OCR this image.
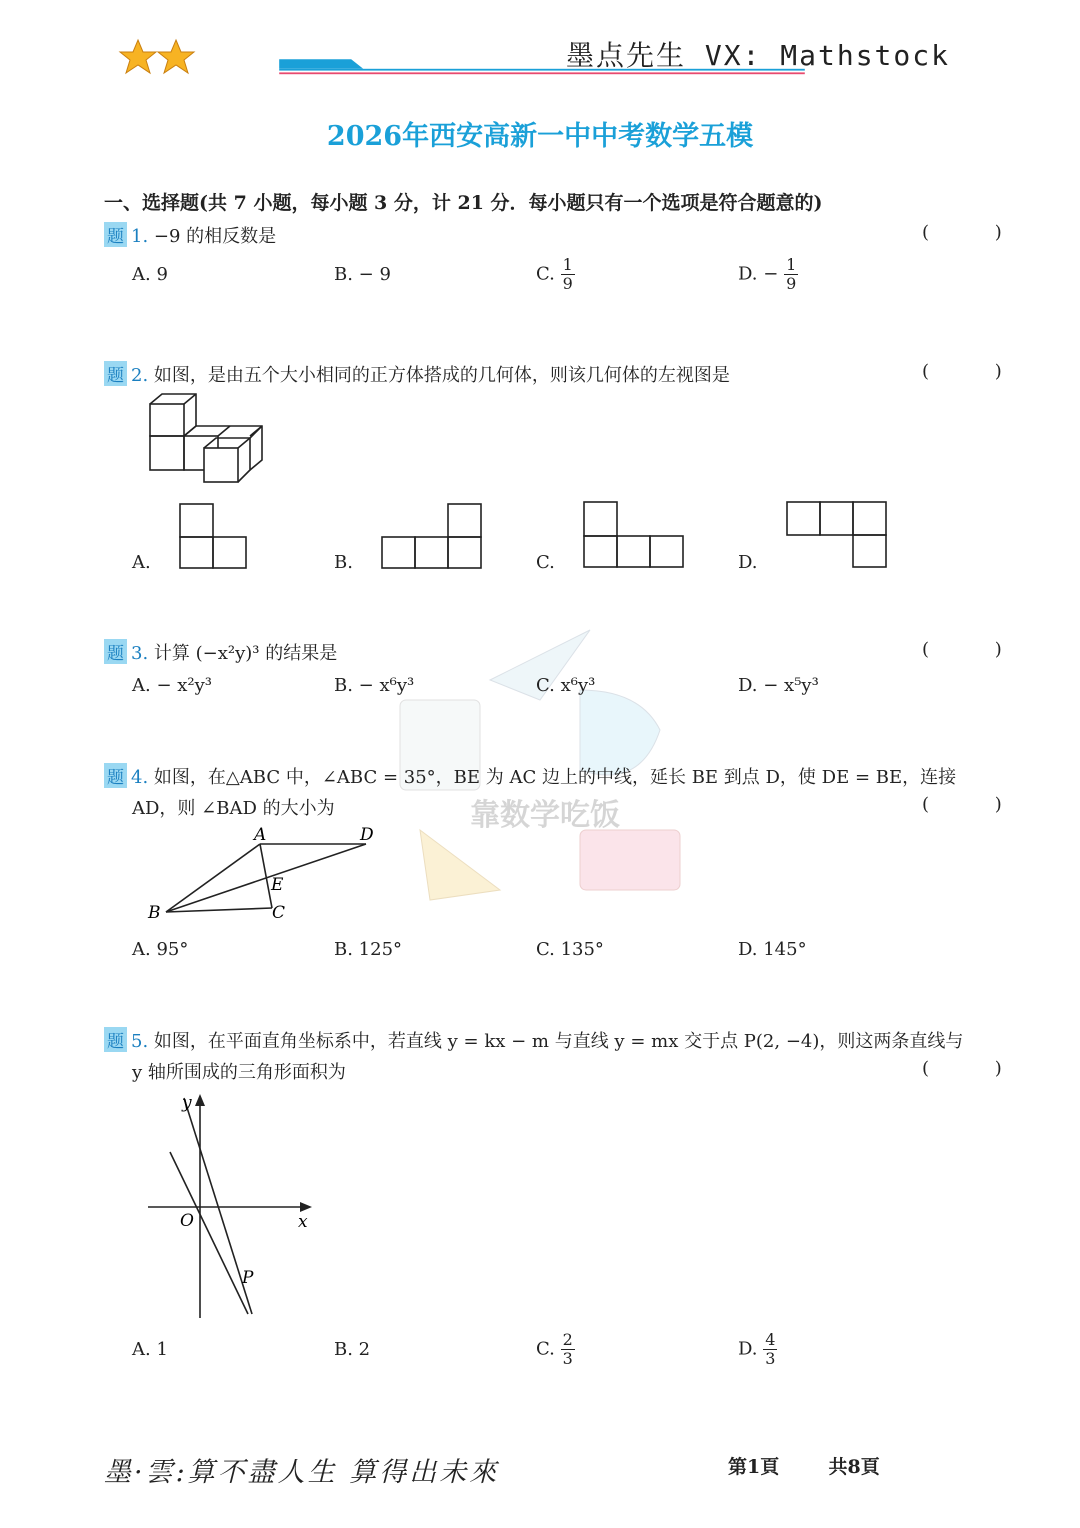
墨点先生 VX: Mathstock
2026年西安高新一中中考数学五模
一、选择题(共 7 小题，每小题 3 分，计 21 分．每小题只有一个选项是符合题意的)
题 1. −9 的相反数是	( )
A. 9	B. − 9	C. $\frac{1}{9}$	D. − $\frac{1}{9}$
题 2. 如图，是由五个大小相同的正方体搭成的几何体，则该几何体的左视图是	( )
A.	B.	C.	D.
靠数学吃饭
题 3. 计算 (−x²y)³ 的结果是	( )
A. − x²y³	B. − x⁶y³	C. x⁶y³	D. − x⁵y³
题 4. 如图，在△ABC 中，∠ABC = 35°，BE 为 AC 边上的中线，延长 BE 到点 D，使 DE = BE，连接
AD，则 ∠BAD 的大小为	( )
A	D
E
B	C
A. 95°	B. 125°	C. 135°	D. 145°
题 5. 如图，在平面直角坐标系中，若直线 y = kx − m 与直线 y = mx 交于点 P(2, −4)，则这两条直线与
y 轴所围成的三角形面积为	( )
y
x
O
P
A. 1	B. 2	C. $\frac{2}{3}$	D. $\frac{4}{3}$
墨·雲:算不盡人生 算得出未來	第1頁	共8頁
